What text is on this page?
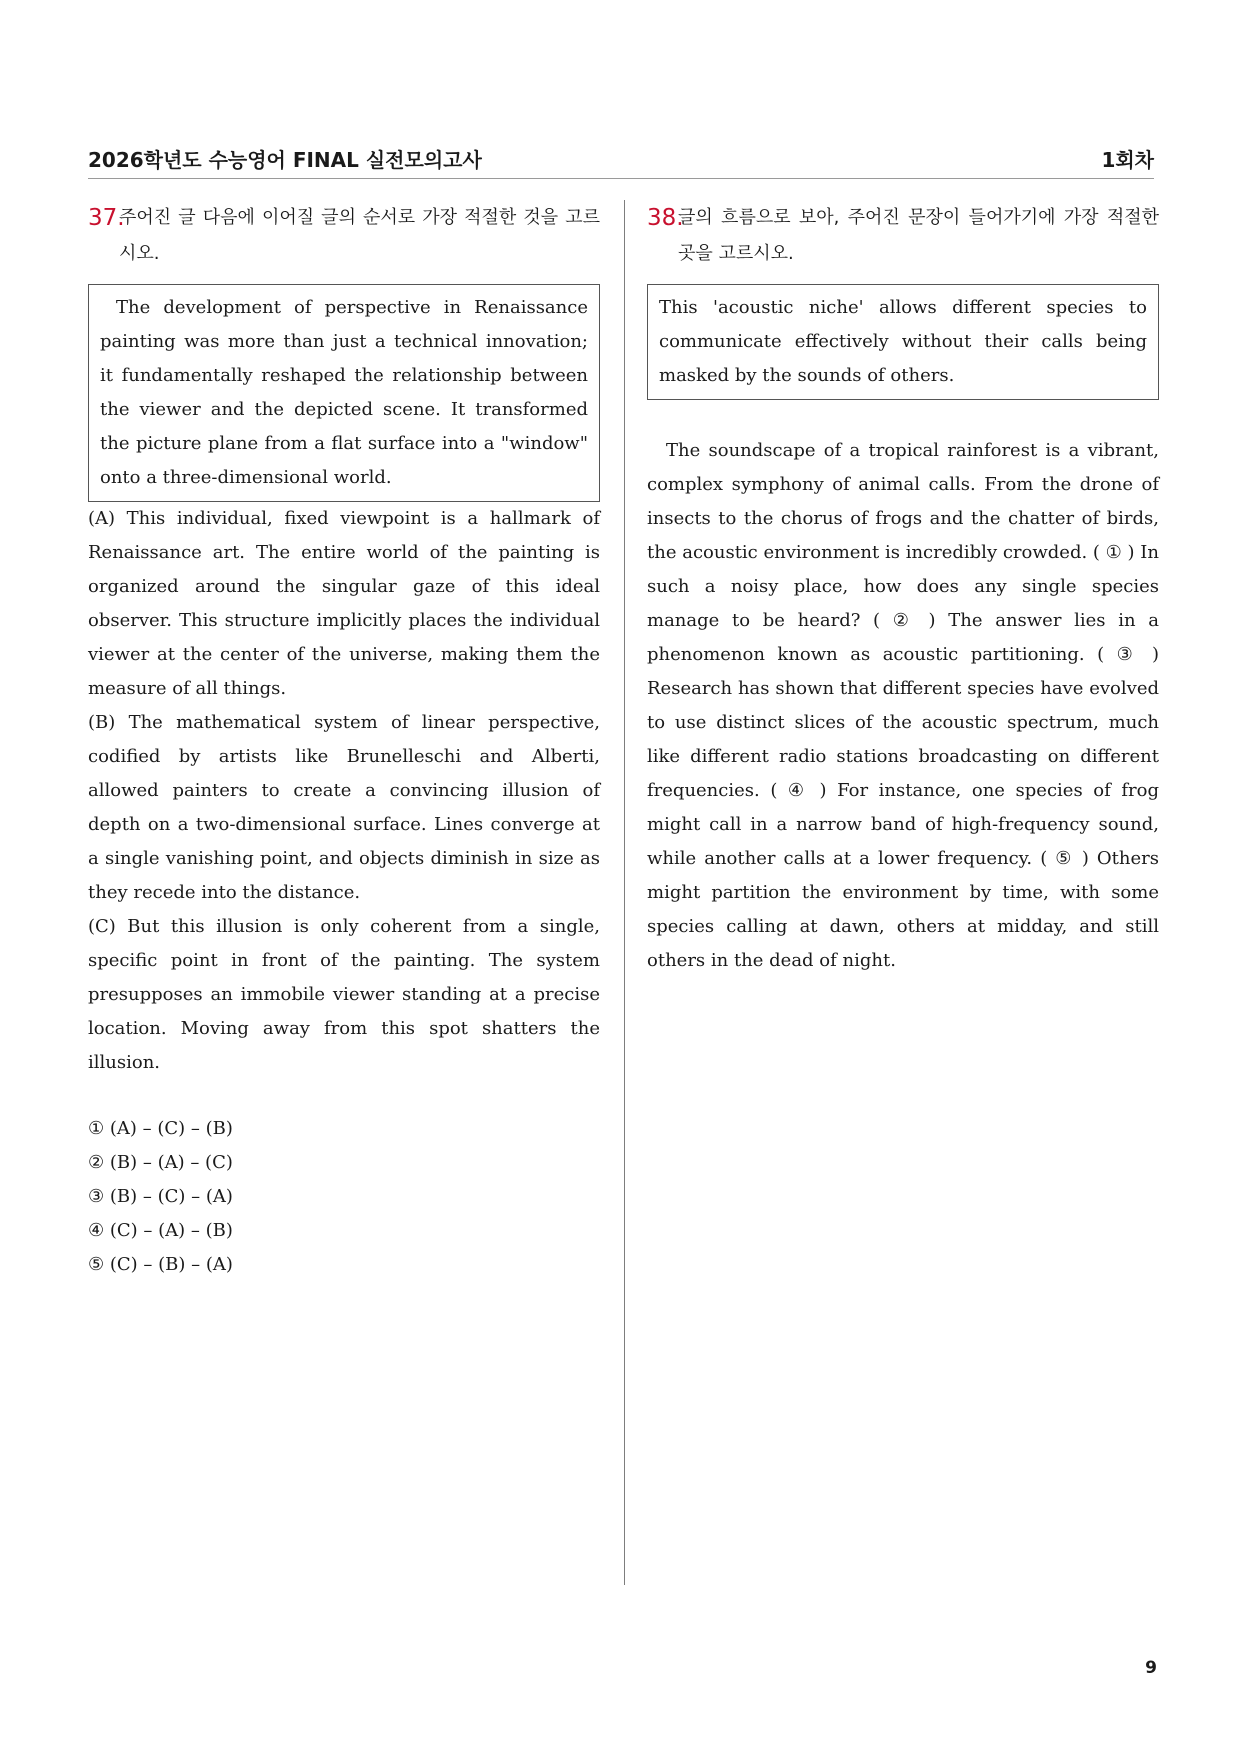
2026학년도 수능영어 FINAL 실전모의고사	1회차
37.
주어진 글 다음에 이어질 글의 순서로 가장 적절한 것을 고르시오.
The development of perspective in Renaissance painting was more than just a technical innovation; it fundamentally reshaped the relationship between the viewer and the depicted scene. It transformed the picture plane from a flat surface into a "window" onto a three-dimensional world.

(A) This individual, fixed viewpoint is a hallmark of Renaissance art. The entire world of the painting is organized around the singular gaze of this ideal observer. This structure implicitly places the individual viewer at the center of the universe, making them the measure of all things.

(B) The mathematical system of linear perspective, codified by artists like Brunelleschi and Alberti, allowed painters to create a convincing illusion of depth on a two-dimensional surface. Lines converge at a single vanishing point, and objects diminish in size as they recede into the distance.

(C) But this illusion is only coherent from a single, specific point in front of the painting. The system presupposes an immobile viewer standing at a precise location. Moving away from this spot shatters the illusion.

① (A) – (C) – (B)
② (B) – (A) – (C)
③ (B) – (C) – (A)
④ (C) – (A) – (B)
⑤ (C) – (B) – (A)
38.
글의 흐름으로 보아, 주어진 문장이 들어가기에 가장 적절한 곳을 고르시오.
This 'acoustic niche' allows different species to communicate effectively without their calls being masked by the sounds of others.

The soundscape of a tropical rainforest is a vibrant, complex symphony of animal calls. From the drone of insects to the chorus of frogs and the chatter of birds, the acoustic environment is incredibly crowded. ( ① ) In such a noisy place, how does any single species manage to be heard? ( ② ) The answer lies in a phenomenon known as acoustic partitioning. ( ③ ) Research has shown that different species have evolved to use distinct slices of the acoustic spectrum, much like different radio stations broadcasting on different frequencies. ( ④ ) For instance, one species of frog might call in a narrow band of high-frequency sound, while another calls at a lower frequency. ( ⑤ ) Others might partition the environment by time, with some species calling at dawn, others at midday, and still others in the dead of night.

9
